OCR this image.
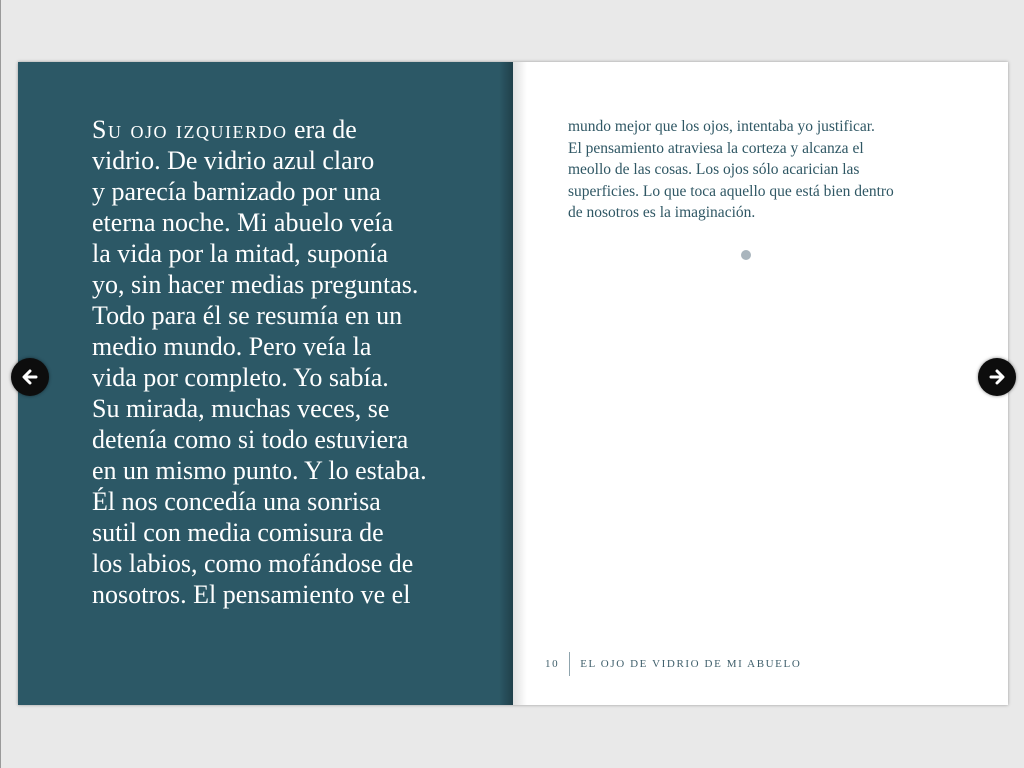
Su ojo izquierdo era de
vidrio. De vidrio azul claro
y parecía barnizado por una
eterna noche. Mi abuelo veía
la vida por la mitad, suponía
yo, sin hacer medias preguntas.
Todo para él se resumía en un
medio mundo. Pero veía la
vida por completo. Yo sabía.
Su mirada, muchas veces, se
detenía como si todo estuviera
en un mismo punto. Y lo estaba.
Él nos concedía una sonrisa
sutil con media comisura de
los labios, como mofándose de
nosotros. El pensamiento ve el

mundo mejor que los ojos, intentaba yo justificar.
El pensamiento atraviesa la corteza y alcanza el
meollo de las cosas. Los ojos sólo acarician las
superficies. Lo que toca aquello que está bien dentro
de nosotros es la imaginación.

10	EL OJO DE VIDRIO DE MI ABUELO
